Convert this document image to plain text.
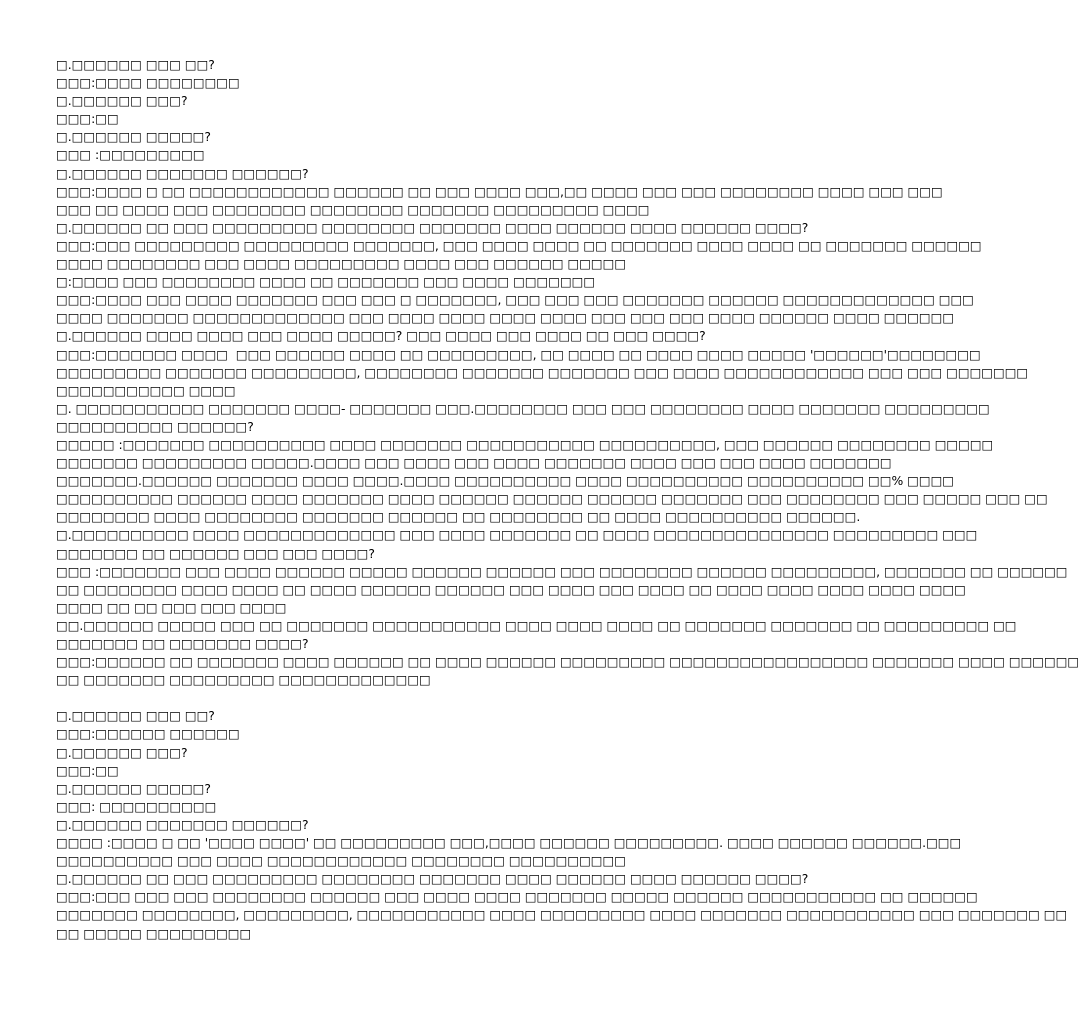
□.□□□□□□ □□□ □□?
□□□:□□□□ □□□□□□□□
□.□□□□□□ □□□?
□□□:□□
□.□□□□□□ □□□□□?
□□□ :□□□□□□□□□
□.□□□□□□ □□□□□□□ □□□□□□?
□□□:□□□□ □ □□ □□□□□□□□□□□□ □□□□□□ □□ □□□ □□□□ □□□,□□ □□□□ □□□ □□□ □□□□□□□□ □□□□ □□□ □□□
□□□ □□ □□□□ □□□ □□□□□□□□ □□□□□□□□ □□□□□□□ □□□□□□□□□ □□□□
□.□□□□□□ □□ □□□ □□□□□□□□□ □□□□□□□□ □□□□□□□ □□□□ □□□□□□ □□□□ □□□□□□ □□□□?
□□□:□□□ □□□□□□□□□ □□□□□□□□□ □□□□□□□, □□□ □□□□ □□□□ □□ □□□□□□□ □□□□ □□□□ □□ □□□□□□□ □□□□□□
□□□□ □□□□□□□□ □□□ □□□□ □□□□□□□□□ □□□□ □□□ □□□□□□ □□□□□
□:□□□□ □□□ □□□□□□□□ □□□□ □□ □□□□□□□ □□□ □□□□ □□□□□□□
□□□:□□□□ □□□ □□□□ □□□□□□□ □□□ □□□ □ □□□□□□□, □□□ □□□ □□□ □□□□□□□ □□□□□□ □□□□□□□□□□□□□ □□□
□□□□ □□□□□□□ □□□□□□□□□□□□□ □□□ □□□□ □□□□ □□□□ □□□□ □□□ □□□ □□□ □□□□ □□□□□□ □□□□ □□□□□□
□.□□□□□□ □□□□ □□□□ □□□ □□□□ □□□□□? □□□ □□□□ □□□ □□□□ □□ □□□ □□□□?
□□□:□□□□□□□ □□□□  □□□ □□□□□□ □□□□ □□ □□□□□□□□□, □□ □□□□ □□ □□□□ □□□□ □□□□□ '□□□□□□'□□□□□□□□
□□□□□□□□□ □□□□□□□ □□□□□□□□□, □□□□□□□□ □□□□□□□ □□□□□□□ □□□ □□□□ □□□□□□□□□□□□ □□□ □□□ □□□□□□□
□□□□□□□□□□□ □□□□
□. □□□□□□□□□□□ □□□□□□□ □□□□- □□□□□□□ □□□.□□□□□□□□ □□□ □□□ □□□□□□□□ □□□□ □□□□□□□ □□□□□□□□□
□□□□□□□□□□ □□□□□□?
□□□□□ :□□□□□□□ □□□□□□□□□□ □□□□ □□□□□□□ □□□□□□□□□□□ □□□□□□□□□□, □□□ □□□□□□ □□□□□□□□ □□□□□
□□□□□□□ □□□□□□□□□ □□□□□.□□□□ □□□ □□□□ □□□ □□□□ □□□□□□□ □□□□ □□□ □□□ □□□□ □□□□□□□
□□□□□□□.□□□□□□ □□□□□□□ □□□□ □□□□.□□□□ □□□□□□□□□□ □□□□ □□□□□□□□□□ □□□□□□□□□□ □□% □□□□
□□□□□□□□□□ □□□□□□ □□□□ □□□□□□□ □□□□ □□□□□□ □□□□□□ □□□□□□ □□□□□□□ □□□ □□□□□□□□ □□□ □□□□□ □□□ □□
□□□□□□□□ □□□□ □□□□□□□□ □□□□□□□ □□□□□□ □□ □□□□□□□□ □□ □□□□ □□□□□□□□□□ □□□□□□.
□.□□□□□□□□□□ □□□□ □□□□□□□□□□□□□ □□□ □□□□ □□□□□□□ □□ □□□□ □□□□□□□□□□□□□□□ □□□□□□□□□ □□□
□□□□□□□ □□ □□□□□□ □□□ □□□ □□□□?
□□□ :□□□□□□□ □□□ □□□□ □□□□□□ □□□□□ □□□□□□ □□□□□□ □□□ □□□□□□□□ □□□□□□ □□□□□□□□□, □□□□□□□ □□ □□□□□□
□□ □□□□□□□□ □□□□ □□□□ □□ □□□□ □□□□□□ □□□□□□ □□□ □□□□ □□□ □□□□ □□ □□□□ □□□□ □□□□ □□□□ □□□□
□□□□ □□ □□ □□□ □□□ □□□□
□□.□□□□□□ □□□□□ □□□ □□ □□□□□□□ □□□□□□□□□□□ □□□□ □□□□ □□□□ □□ □□□□□□□ □□□□□□□ □□ □□□□□□□□□ □□
□□□□□□□ □□ □□□□□□□ □□□□?
□□□:□□□□□□ □□ □□□□□□□ □□□□ □□□□□□ □□ □□□□ □□□□□□ □□□□□□□□□ □□□□□□□□□□□□□□□□□ □□□□□□□ □□□□ □□□□□□
□□ □□□□□□□ □□□□□□□□□ □□□□□□□□□□□□□
□.□□□□□□ □□□ □□?
□□□:□□□□□□ □□□□□□
□.□□□□□□ □□□?
□□□:□□
□.□□□□□□ □□□□□?
□□□: □□□□□□□□□□
□.□□□□□□ □□□□□□□ □□□□□□?
□□□□ :□□□□ □ □□ '□□□□ □□□□' □□ □□□□□□□□□ □□□,□□□□ □□□□□□ □□□□□□□□□. □□□□ □□□□□□ □□□□□□.□□□
□□□□□□□□□□ □□□ □□□□ □□□□□□□□□□□□ □□□□□□□□ □□□□□□□□□□
□.□□□□□□ □□ □□□ □□□□□□□□□ □□□□□□□□ □□□□□□□ □□□□ □□□□□□ □□□□ □□□□□□ □□□□?
□□□:□□□ □□□ □□□ □□□□□□□□ □□□□□□ □□□ □□□□ □□□□ □□□□□□□ □□□□□ □□□□□□ □□□□□□□□□□□ □□ □□□□□□
□□□□□□□ □□□□□□□□, □□□□□□□□□, □□□□□□□□□□□ □□□□ □□□□□□□□□ □□□□ □□□□□□□ □□□□□□□□□□□ □□□ □□□□□□□ □□
□□ □□□□□ □□□□□□□□□
